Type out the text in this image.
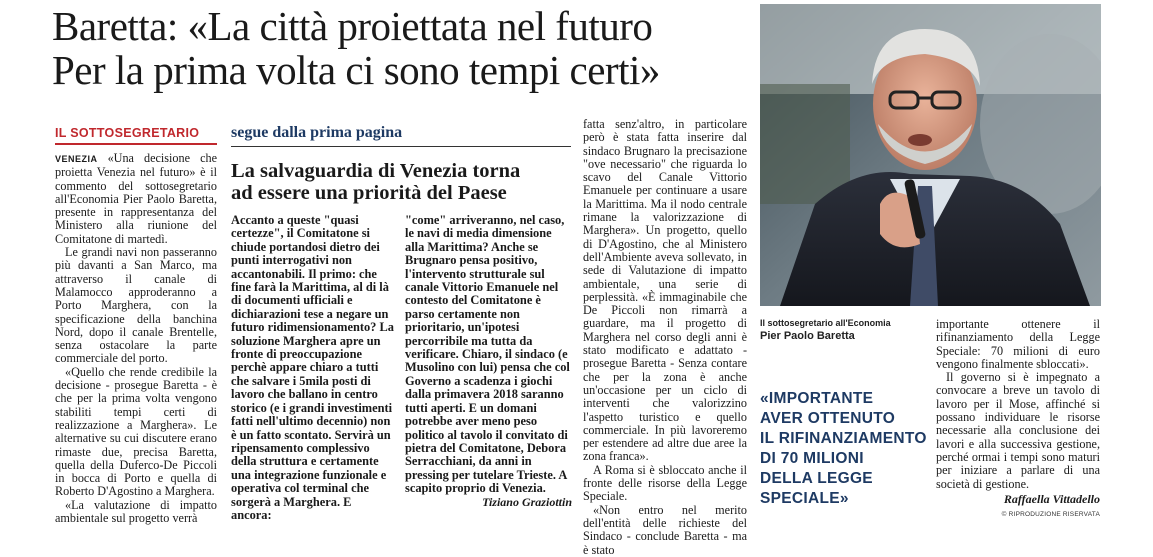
Baretta: «La città proiettata nel futuro
Per la prima volta ci sono tempi certi»
IL SOTTOSEGRETARIO

VENEZIA «Una decisione che proietta Venezia nel futuro» è il commento del sottosegretario all'Economia Pier Paolo Baretta, presente in rappresentanza del Ministero alla riunione del Comitatone di martedì.

Le grandi navi non passeranno più davanti a San Marco, ma attraverso il canale di Malamocco approderanno a Porto Marghera, con la specificazione della banchina Nord, dopo il canale Brentelle, senza ostacolare la parte commerciale del porto.

«Quello che rende credibile la decisione - prosegue Baretta - è che per la prima volta vengono stabiliti tempi certi di realizzazione a Marghera». Le alternative su cui discutere erano rimaste due, precisa Baretta, quella della Duferco-De Piccoli in bocca di Porto e quella di Roberto D'Agostino a Marghera.

«La valutazione di impatto ambientale sul progetto verrà

segue dalla prima pagina
La salvaguardia di Venezia torna
ad essere una priorità del Paese

Accanto a queste "quasi certezze", il Comitatone si chiude portandosi dietro dei punti interrogativi non accantonabili. Il primo: che fine farà la Marittima, al di là di documenti ufficiali e dichiarazioni tese a negare un futuro ridimensionamento? La soluzione Marghera apre un fronte di preoccupazione perchè appare chiaro a tutti che salvare i 5mila posti di lavoro che ballano in centro storico (e i grandi investimenti fatti nell'ultimo decennio) non è un fatto scontato. Servirà un ripensamento complessivo della struttura e certamente una integrazione funzionale e operativa col terminal che sorgerà a Marghera. E ancora:

"come" arriveranno, nel caso, le navi di media dimensione alla Marittima? Anche se Brugnaro pensa positivo, l'intervento strutturale sul canale Vittorio Emanuele nel contesto del Comitatone è parso certamente non prioritario, un'ipotesi percorribile ma tutta da verificare. Chiaro, il sindaco (e Musolino con lui) pensa che col Governo a scadenza i giochi dalla primavera 2018 saranno tutti aperti. E un domani potrebbe aver meno peso politico al tavolo il convitato di pietra del Comitatone, Debora Serracchiani, da anni in pressing per tutelare Trieste. A scapito proprio di Venezia.

Tiziano Graziottin

fatta senz'altro, in particolare però è stata fatta inserire dal sindaco Brugnaro la precisazione "ove necessario" che riguarda lo scavo del Canale Vittorio Emanuele per continuare a usare la Marittima. Ma il nodo centrale rimane la valorizzazione di Marghera». Un progetto, quello di D'Agostino, che al Ministero dell'Ambiente aveva sollevato, in sede di Valutazione di impatto ambientale, una serie di perplessità. «È immaginabile che De Piccoli non rimarrà a guardare, ma il progetto di Marghera nel corso degli anni è stato modificato e adattato - prosegue Baretta - Senza contare che per la zona è anche un'occasione per un ciclo di interventi che valorizzino l'aspetto turistico e quello commerciale. In più lavoreremo per estendere ad altre due aree la zona franca».

A Roma si è sbloccato anche il fronte delle risorse della Legge Speciale.

«Non entro nel merito dell'entità delle richieste del Sindaco - conclude Baretta - ma è stato

Il sottosegretario all'Economia
Pier Paolo Baretta
«IMPORTANTE
AVER OTTENUTO
IL RIFINANZIAMENTO
DI 70 MILIONI
DELLA LEGGE
SPECIALE»

importante ottenere il rifinanziamento della Legge Speciale: 70 milioni di euro vengono finalmente sbloccati».

Il governo si è impegnato a convocare a breve un tavolo di lavoro per il Mose, affinché si possano individuare le risorse necessarie alla conclusione dei lavori e alla successiva gestione, perché ormai i tempi sono maturi per iniziare a parlare di una società di gestione.

Raffaella Vittadello
© RIPRODUZIONE RISERVATA
